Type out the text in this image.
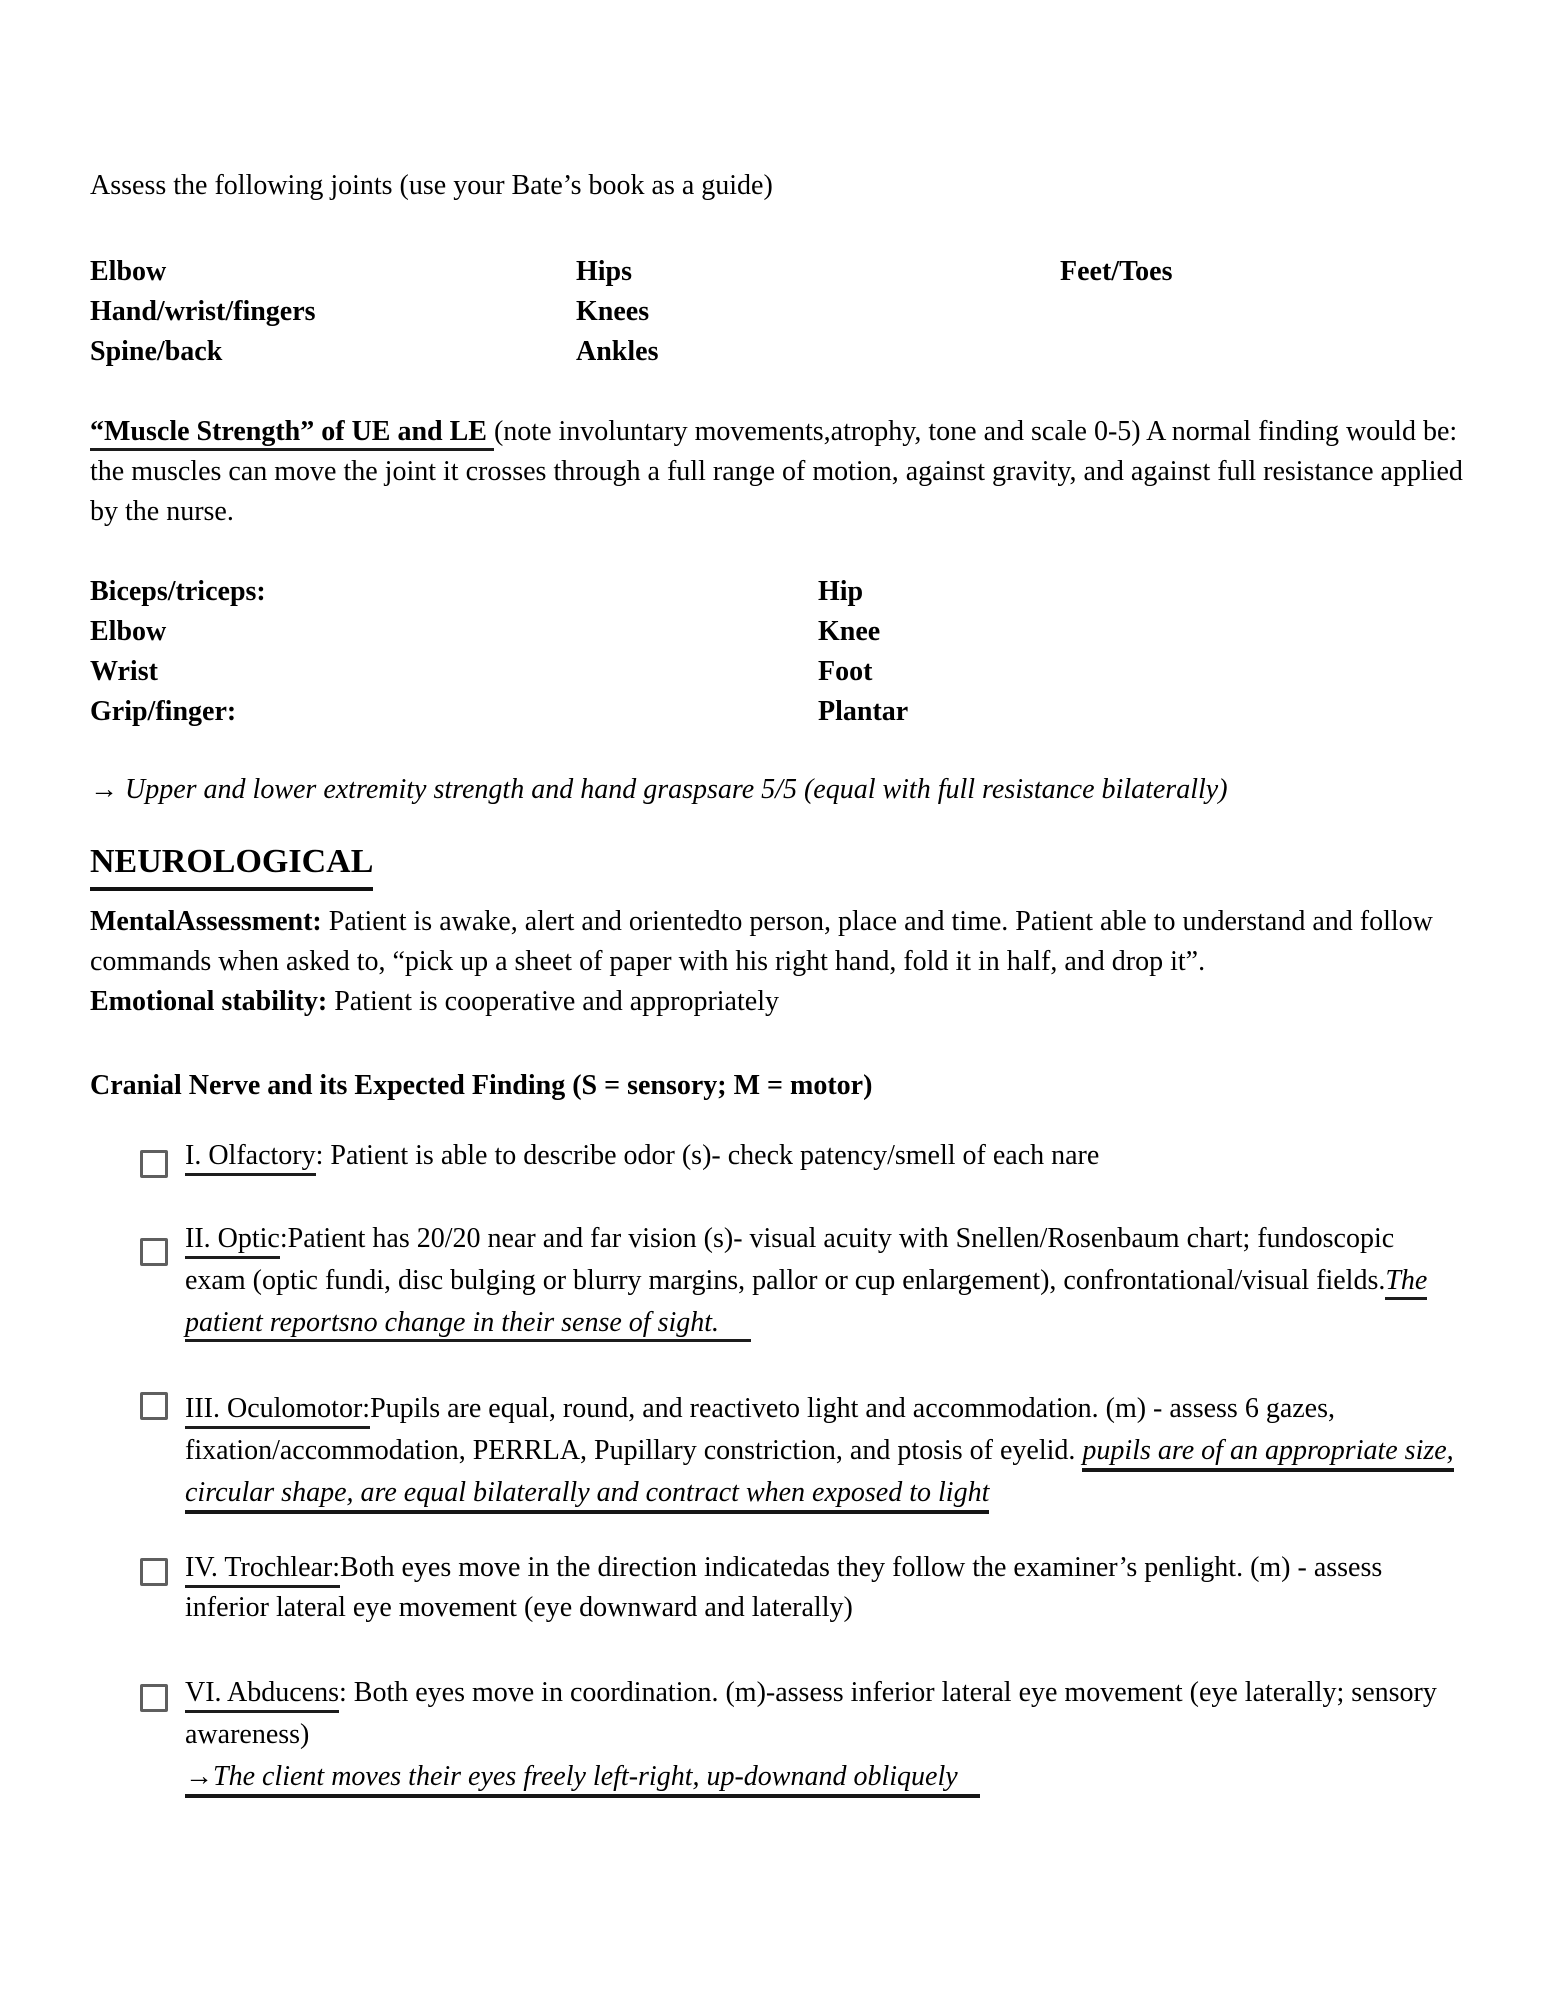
Assess the following joints (use your Bate’s book as a guide)
Elbow
Hand/wrist/fingers
Spine/back
Hips
Knees
Ankles
Feet/Toes
“Muscle Strength” of UE and LE (note involuntary movements,atrophy, tone and scale 0-5) A normal finding would be: the muscles can move the joint it crosses through a full range of motion, against gravity, and against full resistance applied by the nurse.
Biceps/triceps:
Elbow
Wrist
Grip/finger:
Hip
Knee
Foot
Plantar
→ Upper and lower extremity strength and hand graspsare 5/5 (equal with full resistance bilaterally)
NEUROLOGICAL
MentalAssessment: Patient is awake, alert and orientedto person, place and time. Patient able to understand and follow commands when asked to, “pick up a sheet of paper with his right hand, fold it in half, and drop it”.
Emotional stability: Patient is cooperative and appropriately
Cranial Nerve and its Expected Finding (S = sensory; M = motor)
I. Olfactory: Patient is able to describe odor (s)- check patency/smell of each nare
II. Optic:Patient has 20/20 near and far vision (s)- visual acuity with Snellen/Rosenbaum chart; fundoscopic exam (optic fundi, disc bulging or blurry margins, pallor or cup enlargement), confrontational/visual fields.The patient reportsno change in their sense of sight.
III. Oculomotor:Pupils are equal, round, and reactiveto light and accommodation. (m) - assess 6 gazes, fixation/accommodation, PERRLA, Pupillary constriction, and ptosis of eyelid. pupils are of an appropriate size, circular shape, are equal bilaterally and contract when exposed to light
IV. Trochlear:Both eyes move in the direction indicatedas they follow the examiner’s penlight. (m) - assess inferior lateral eye movement (eye downward and laterally)
VI. Abducens: Both eyes move in coordination. (m)-assess inferior lateral eye movement (eye laterally; sensory awareness)
→The client moves their eyes freely left-right, up-downand obliquely
